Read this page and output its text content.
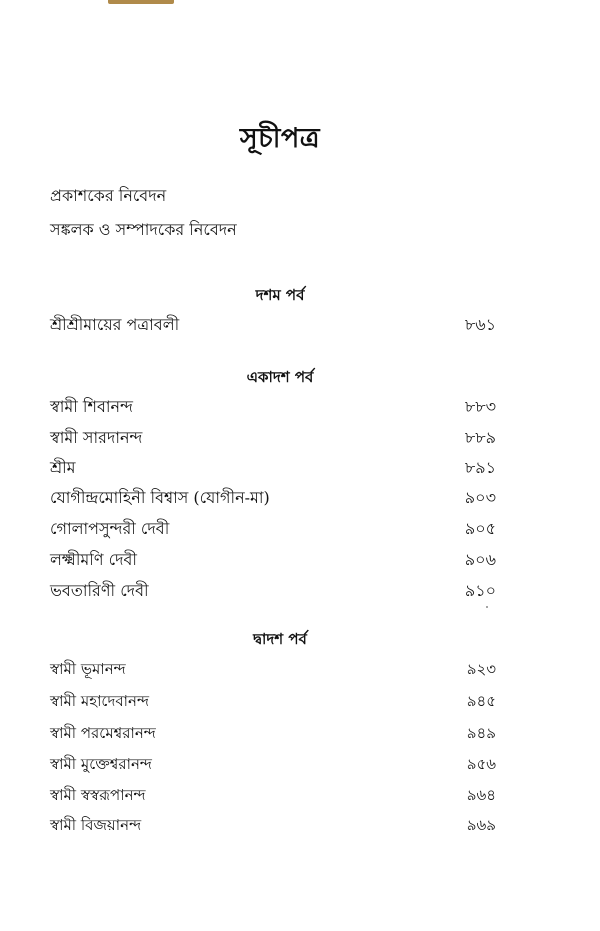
সূচীপত্র
প্রকাশকের নিবেদন
সঙ্কলক ও সম্পাদকের নিবেদন
দশম পর্ব
শ্রীশ্রীমায়ের পত্রাবলী	৮৬১
একাদশ পর্ব
স্বামী শিবানন্দ	৮৮৩
স্বামী সারদানন্দ	৮৮৯
শ্রীম	৮৯১
যোগীন্দ্রমোহিনী বিশ্বাস (যোগীন-মা)	৯০৩
গোলাপসুন্দরী দেবী	৯০৫
লক্ষ্মীমণি দেবী	৯০৬
ভবতারিণী দেবী	৯১০
দ্বাদশ পর্ব
স্বামী ভূমানন্দ	৯২৩
স্বামী মহাদেবানন্দ	৯৪৫
স্বামী পরমেশ্বরানন্দ	৯৪৯
স্বামী মুক্তেশ্বরানন্দ	৯৫৬
স্বামী স্বস্বরূপানন্দ	৯৬৪
স্বামী বিজয়ানন্দ	৯৬৯
